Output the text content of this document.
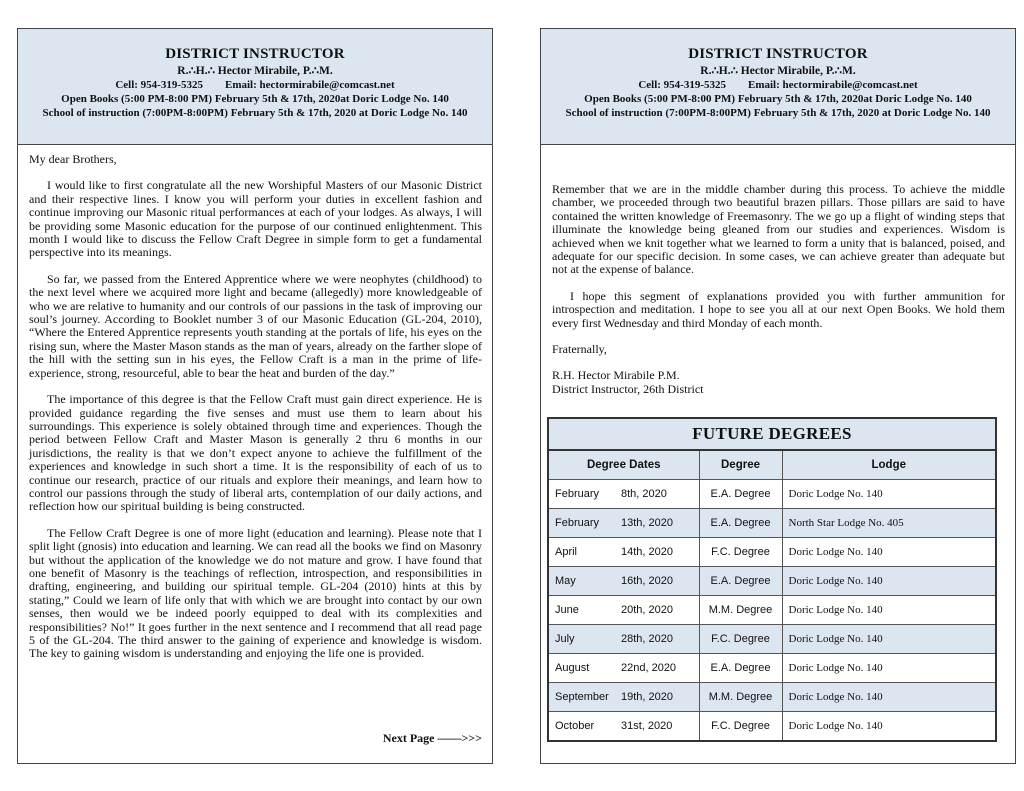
DISTRICT INSTRUCTOR
R.∴H.∴ Hector Mirabile, P.∴M.
Cell: 954-319-5325 Email: hectormirabile@comcast.net
Open Books (5:00 PM-8:00 PM) February 5th & 17th, 2020at Doric Lodge No. 140
School of instruction (7:00PM-8:00PM) February 5th & 17th, 2020 at Doric Lodge No. 140

My dear Brothers,

I would like to first congratulate all the new Worshipful Masters of our Masonic District and their respective lines. I know you will perform your duties in excellent fashion and continue improving our Masonic ritual performances at each of your lodges. As always, I will be providing some Masonic education for the purpose of our continued enlightenment. This month I would like to discuss the Fellow Craft Degree in simple form to get a fundamental perspective into its meanings.

So far, we passed from the Entered Apprentice where we were neophytes (childhood) to the next level where we acquired more light and became (allegedly) more knowledgeable of who we are relative to humanity and our controls of our passions in the task of improving our soul’s journey. According to Booklet number 3 of our Masonic Education (GL-204, 2010), “Where the Entered Apprentice represents youth standing at the portals of life, his eyes on the rising sun, where the Master Mason stands as the man of years, already on the farther slope of the hill with the setting sun in his eyes, the Fellow Craft is a man in the prime of life-experience, strong, resourceful, able to bear the heat and burden of the day.”

The importance of this degree is that the Fellow Craft must gain direct experience. He is provided guidance regarding the five senses and must use them to learn about his surroundings. This experience is solely obtained through time and experiences. Though the period between Fellow Craft and Master Mason is generally 2 thru 6 months in our jurisdictions, the reality is that we don’t expect anyone to achieve the fulfillment of the experiences and knowledge in such short a time. It is the responsibility of each of us to continue our research, practice of our rituals and explore their meanings, and learn how to control our passions through the study of liberal arts, contemplation of our daily actions, and reflection how our spiritual building is being constructed.

The Fellow Craft Degree is one of more light (education and learning). Please note that I split light (gnosis) into education and learning. We can read all the books we find on Masonry but without the application of the knowledge we do not mature and grow. I have found that one benefit of Masonry is the teachings of reflection, introspection, and responsibilities in drafting, engineering, and building our spiritual temple. GL-204 (2010) hints at this by stating,” Could we learn of life only that with which we are brought into contact by our own senses, then would we be indeed poorly equipped to deal with its complexities and responsibilities? No!” It goes further in the next sentence and I recommend that all read page 5 of the GL-204. The third answer to the gaining of experience and knowledge is wisdom. The key to gaining wisdom is understanding and enjoying the life one is provided.

Next Page ——>>>
DISTRICT INSTRUCTOR
R.∴H.∴ Hector Mirabile, P.∴M.
Cell: 954-319-5325 Email: hectormirabile@comcast.net
Open Books (5:00 PM-8:00 PM) February 5th & 17th, 2020at Doric Lodge No. 140
School of instruction (7:00PM-8:00PM) February 5th & 17th, 2020 at Doric Lodge No. 140

Remember that we are in the middle chamber during this process. To achieve the middle chamber, we proceeded through two beautiful brazen pillars. Those pillars are said to have contained the written knowledge of Freemasonry. The we go up a flight of winding steps that illuminate the knowledge being gleaned from our studies and experiences. Wisdom is achieved when we knit together what we learned to form a unity that is balanced, poised, and adequate for our specific decision. In some cases, we can achieve greater than adequate but not at the expense of balance.

I hope this segment of explanations provided you with further ammunition for introspection and meditation. I hope to see you all at our next Open Books. We hold them every first Wednesday and third Monday of each month.

Fraternally,

R.H. Hector Mirabile P.M.
District Instructor, 26th District
FUTURE DEGREES		
Degree Dates	Degree	Lodge
February 8th, 2020	E.A. Degree	Doric Lodge No. 140
February 13th, 2020	E.A. Degree	North Star Lodge No. 405
April 14th, 2020	F.C. Degree	Doric Lodge No. 140
May 16th, 2020	E.A. Degree	Doric Lodge No. 140
June 20th, 2020	M.M. Degree	Doric Lodge No. 140
July 28th, 2020	F.C. Degree	Doric Lodge No. 140
August 22nd, 2020	E.A. Degree	Doric Lodge No. 140
September 19th, 2020	M.M. Degree	Doric Lodge No. 140
October 31st, 2020	F.C. Degree	Doric Lodge No. 140
